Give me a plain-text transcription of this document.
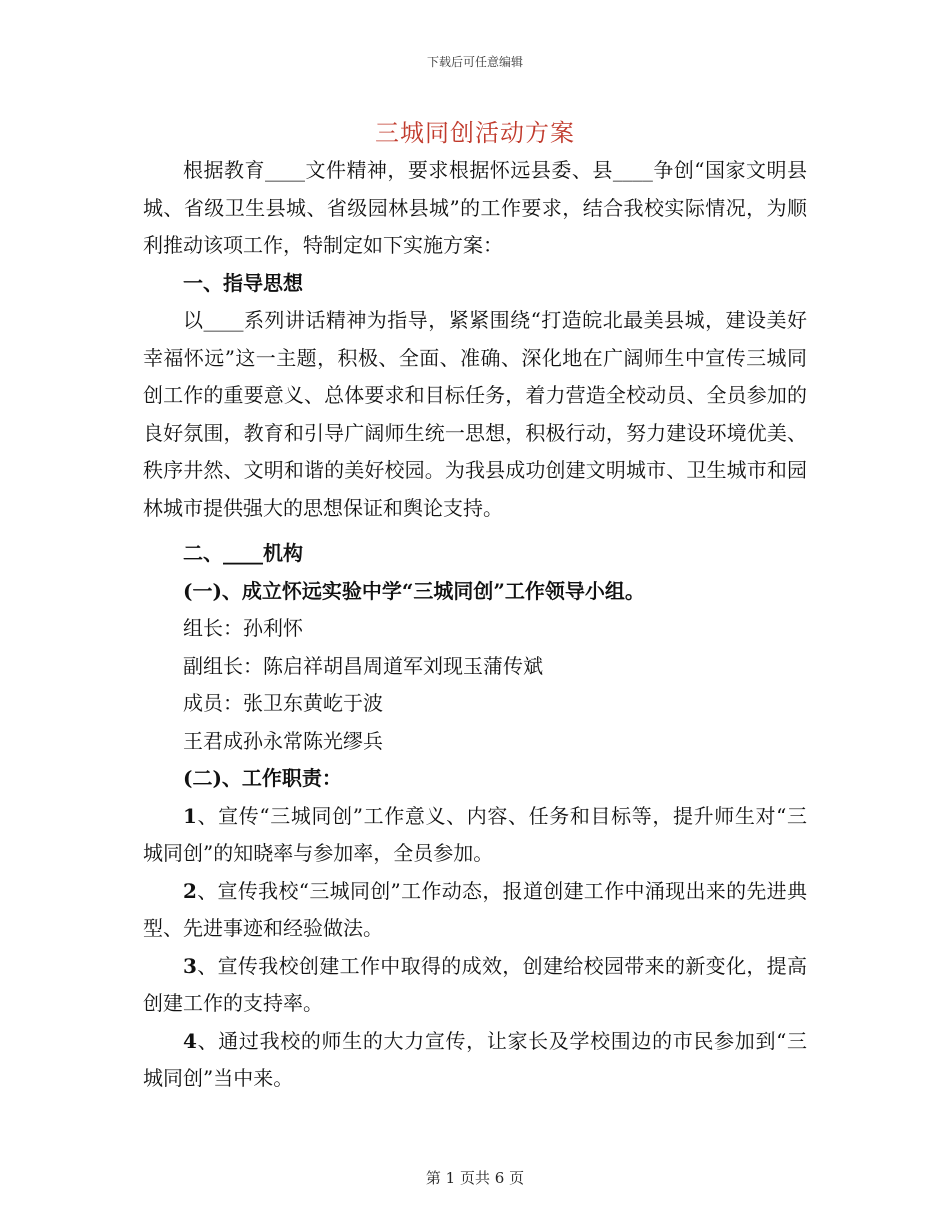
下载后可任意编辑
三城同创活动方案

根据教育____文件精神，要求根据怀远县委、县____争创“国家文明县城、省级卫生县城、省级园林县城”的工作要求，结合我校实际情况，为顺利推动该项工作，特制定如下实施方案：

一、指导思想

以____系列讲话精神为指导，紧紧围绕“打造皖北最美县城，建设美好幸福怀远”这一主题，积极、全面、准确、深化地在广阔师生中宣传三城同创工作的重要意义、总体要求和目标任务，着力营造全校动员、全员参加的良好氛围，教育和引导广阔师生统一思想，积极行动，努力建设环境优美、秩序井然、文明和谐的美好校园。为我县成功创建文明城市、卫生城市和园林城市提供强大的思想保证和舆论支持。

二、____机构

(一)、成立怀远实验中学“三城同创”工作领导小组。

组长：孙利怀

副组长：陈启祥胡昌周道军刘现玉蒲传斌

成员：张卫东黄屹于波

王君成孙永常陈光缪兵

(二)、工作职责：

1、宣传“三城同创”工作意义、内容、任务和目标等，提升师生对“三城同创”的知晓率与参加率，全员参加。

2、宣传我校“三城同创”工作动态，报道创建工作中涌现出来的先进典型、先进事迹和经验做法。

3、宣传我校创建工作中取得的成效，创建给校园带来的新变化，提高创建工作的支持率。

4、通过我校的师生的大力宣传，让家长及学校围边的市民参加到“三城同创”当中来。

第 1 页共 6 页
